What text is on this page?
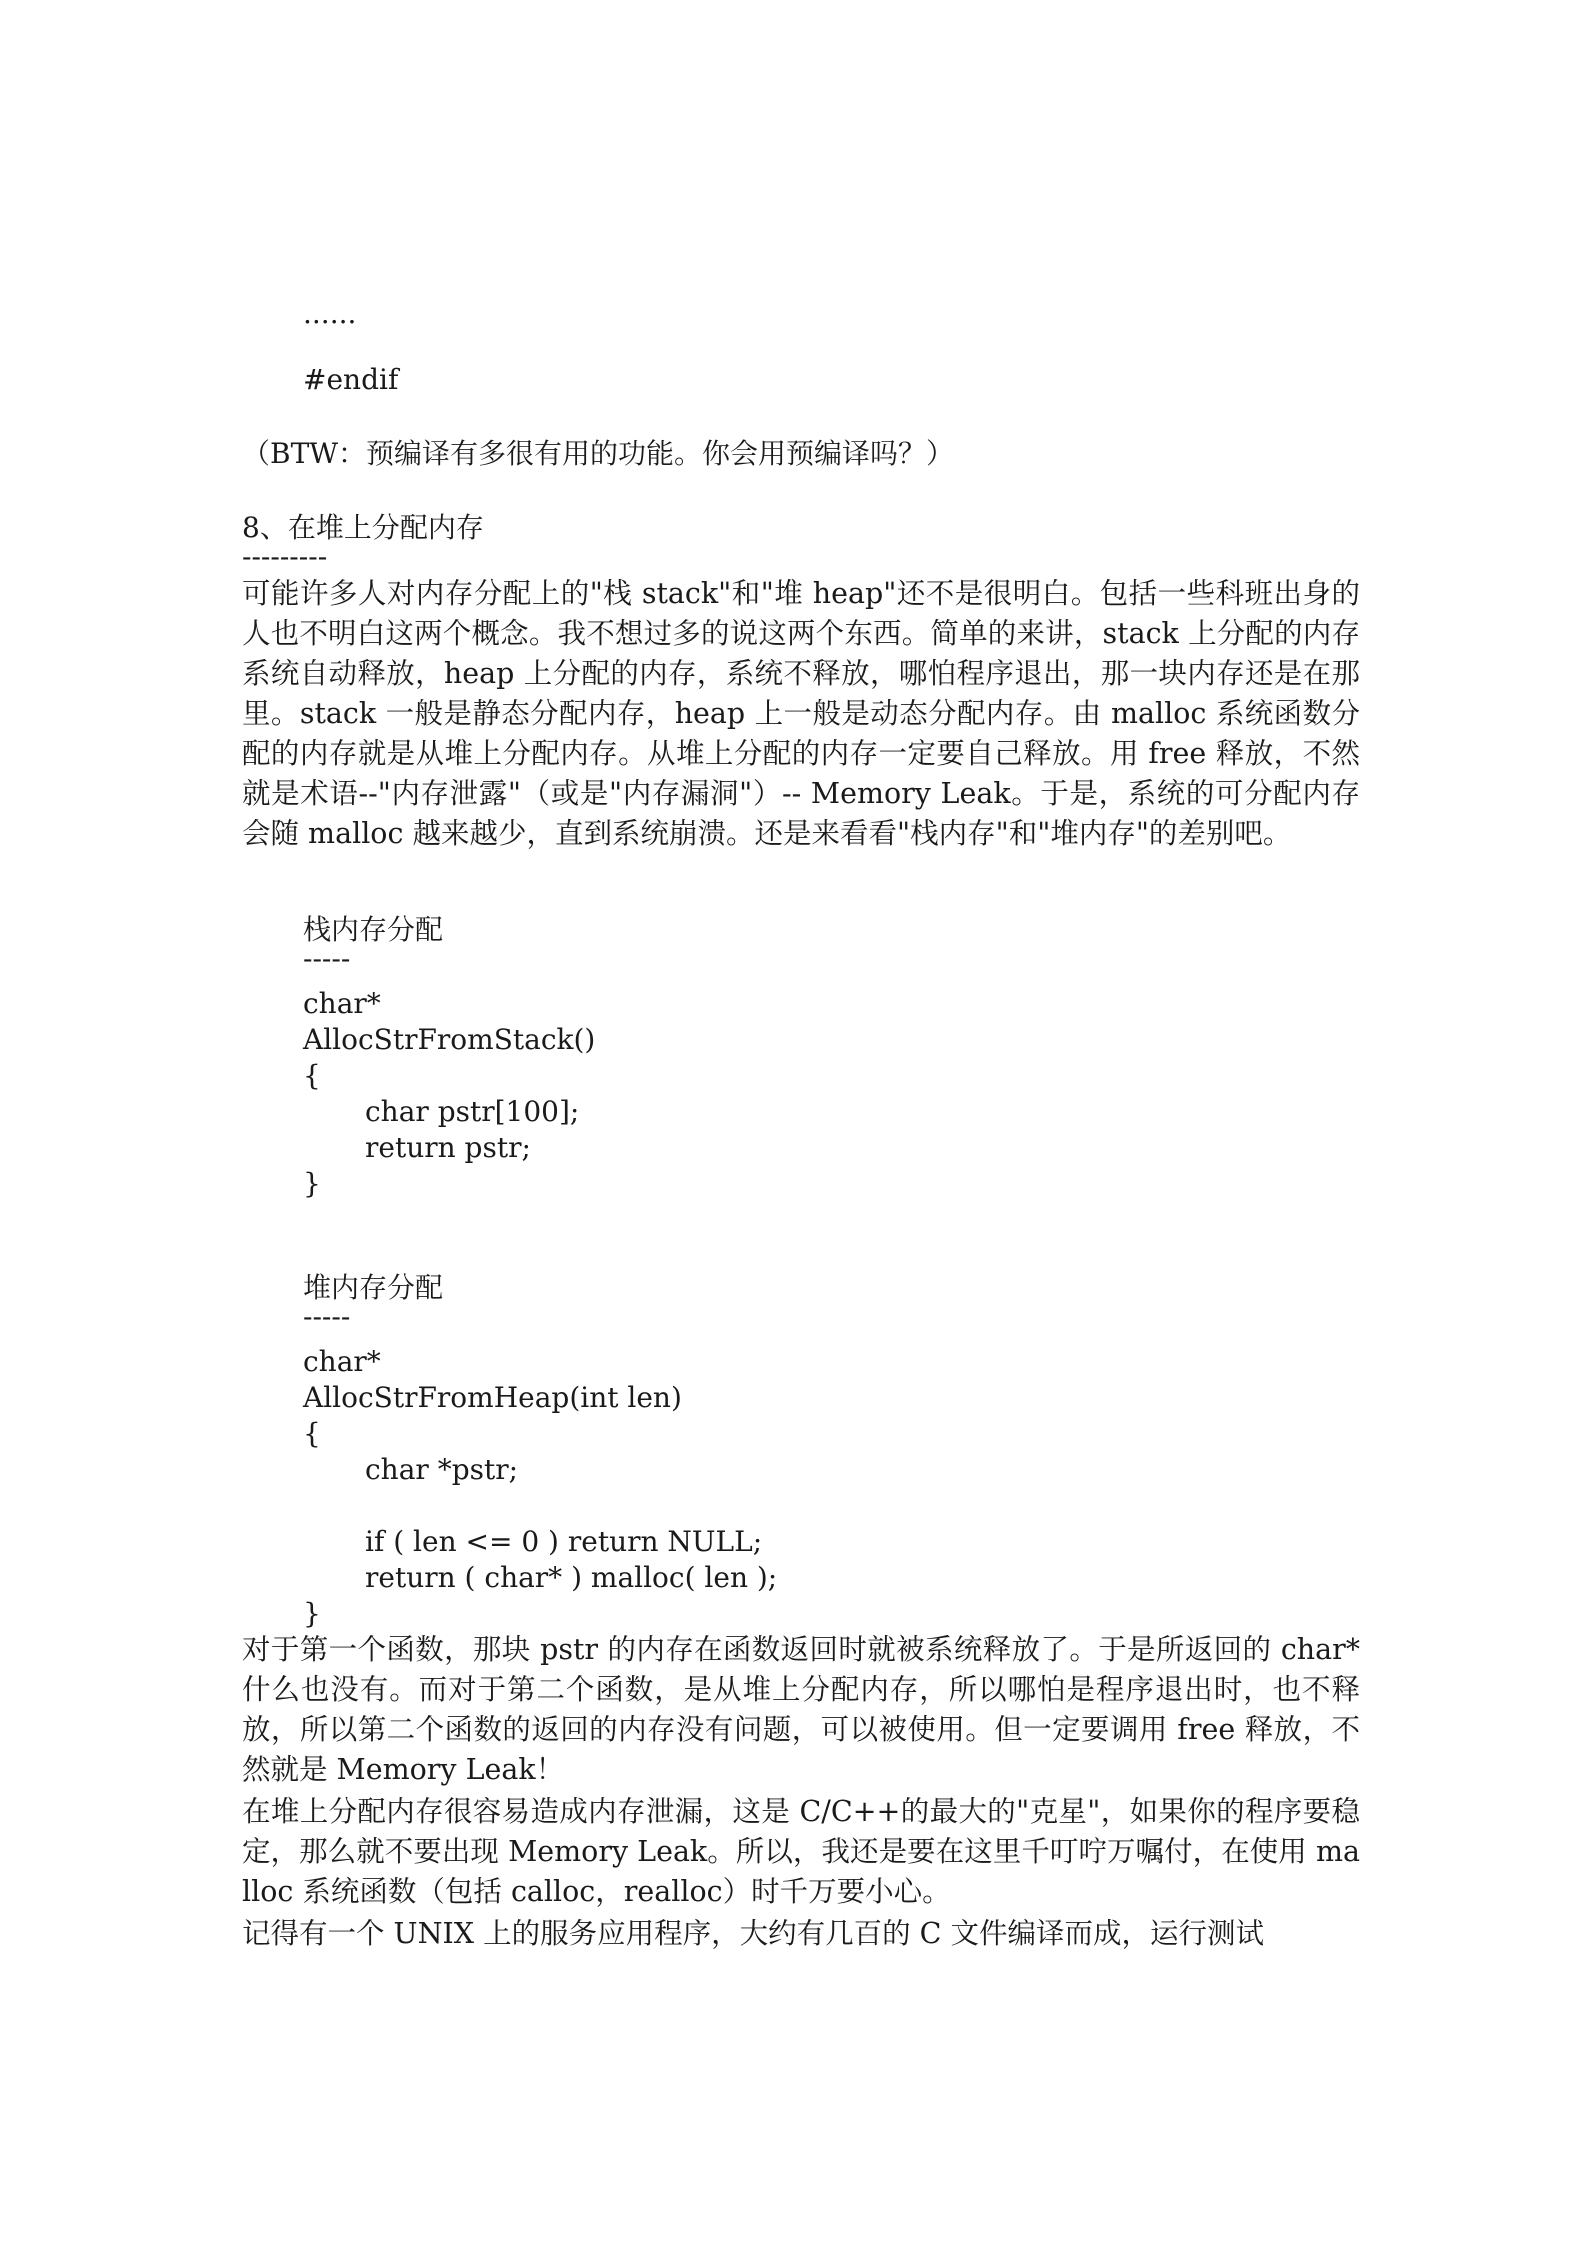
......
#endif
（BTW：预编译有多很有用的功能。你会用预编译吗？）
8、在堆上分配内存
---------
可能许多人对内存分配上的"栈 stack"和"堆 heap"还不是很明白。包括一些科班出身的人也不明白这两个概念。我不想过多的说这两个东西。简单的来讲，stack 上分配的内存系统自动释放，heap 上分配的内存，系统不释放，哪怕程序退出，那一块内存还是在那里。stack 一般是静态分配内存，heap 上一般是动态分配内存。由 malloc 系统函数分配的内存就是从堆上分配内存。从堆上分配的内存一定要自己释放。用 free 释放，不然就是术语--"内存泄露"（或是"内存漏洞"）-- Memory Leak。于是，系统的可分配内存会随 malloc 越来越少，直到系统崩溃。还是来看看"栈内存"和"堆内存"的差别吧。
栈内存分配
-----
char*
AllocStrFromStack()
{
char pstr[100];
return pstr;
}
堆内存分配
-----
char*
AllocStrFromHeap(int len)
{
char *pstr;
if ( len <= 0 ) return NULL;
return ( char* ) malloc( len );
}
对于第一个函数，那块 pstr 的内存在函数返回时就被系统释放了。于是所返回的 char*什么也没有。而对于第二个函数，是从堆上分配内存，所以哪怕是程序退出时，也不释放，所以第二个函数的返回的内存没有问题，可以被使用。但一定要调用 free 释放，不然就是 Memory Leak！
在堆上分配内存很容易造成内存泄漏，这是 C/C++的最大的"克星"，如果你的程序要稳定，那么就不要出现 Memory Leak。所以，我还是要在这里千叮咛万嘱付，在使用 malloc 系统函数（包括 calloc，realloc）时千万要小心。
记得有一个 UNIX 上的服务应用程序，大约有几百的 C 文件编译而成，运行测试
